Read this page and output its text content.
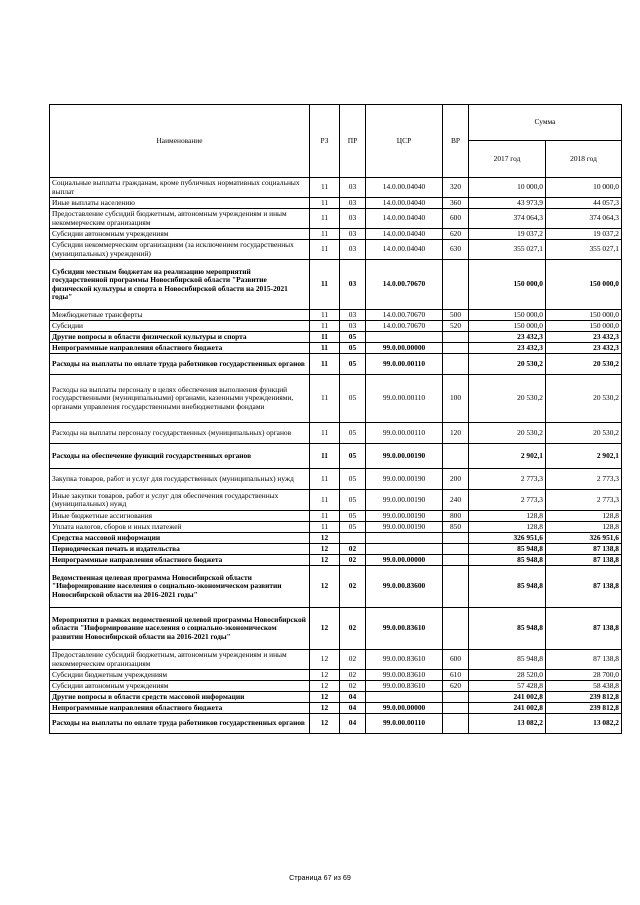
Наименование	РЗ	ПР	ЦСР	ВР	Сумма	
					2017 год	2018 год
Социальные выплаты гражданам, кроме публичных нормативных социальных выплат	11	03	14.0.00.04040	320	10 000,0	10 000,0
Иные выплаты населению	11	03	14.0.00.04040	360	43 973,9	44 057,3
Предоставление субсидий бюджетным, автономным учреждениям и иным некоммерческим организациям	11	03	14.0.00.04040	600	374 064,3	374 064,3
Субсидии автономным учреждениям	11	03	14.0.00.04040	620	19 037,2	19 037,2
Субсидии некоммерческим организациям (за исключением государственных (муниципальных) учреждений)	11	03	14.0.00.04040	630	355 027,1	355 027,1
Субсидии местным бюджетам на реализацию мероприятий государственной программы Новосибирской области "Развитие физической культуры и спорта в Новосибирской области на 2015-2021 годы"	11	03	14.0.00.70670		150 000,0	150 000,0
Межбюджетные трансферты	11	03	14.0.00.70670	500	150 000,0	150 000,0
Субсидии	11	03	14.0.00.70670	520	150 000,0	150 000,0
Другие вопросы в области физической культуры и спорта	11	05			23 432,3	23 432,3
Непрограммные направления областного бюджета	11	05	99.0.00.00000		23 432,3	23 432,3
Расходы на выплаты по оплате труда работников государственных органов	11	05	99.0.00.00110		20 530,2	20 530,2
Расходы на выплаты персоналу в целях обеспечения выполнения функций государственными (муниципальными) органами, казенными учреждениями, органами управления государственными внебюджетными фондами	11	05	99.0.00.00110	100	20 530,2	20 530,2
Расходы на выплаты персоналу государственных (муниципальных) органов	11	05	99.0.00.00110	120	20 530,2	20 530,2
Расходы на обеспечение функций государственных органов	11	05	99.0.00.00190		2 902,1	2 902,1
Закупка товаров, работ и услуг для государственных (муниципальных) нужд	11	05	99.0.00.00190	200	2 773,3	2 773,3
Иные закупки товаров, работ и услуг для обеспечения государственных (муниципальных) нужд	11	05	99.0.00.00190	240	2 773,3	2 773,3
Иные бюджетные ассигнования	11	05	99.0.00.00190	800	128,8	128,8
Уплата налогов, сборов и иных платежей	11	05	99.0.00.00190	850	128,8	128,8
Средства массовой информации	12				326 951,6	326 951,6
Периодическая печать и издательства	12	02			85 948,8	87 138,8
Непрограммные направления областного бюджета	12	02	99.0.00.00000		85 948,8	87 138,8
Ведомственная целевая программа Новосибирской области "Информирование населения о социально-экономическом развитии Новосибирской области на 2016-2021 годы"	12	02	99.0.00.83600		85 948,8	87 138,8
Мероприятия в рамках ведомственной целевой программы Новосибирской области "Информирование населения о социально-экономическом развитии Новосибирской области на 2016-2021 годы"	12	02	99.0.00.83610		85 948,8	87 138,8
Предоставление субсидий бюджетным, автономным учреждениям и иным некоммерческим организациям	12	02	99.0.00.83610	600	85 948,8	87 138,8
Субсидии бюджетным учреждениям	12	02	99.0.00.83610	610	28 520,0	28 700,0
Субсидии автономным учреждениям	12	02	99.0.00.83610	620	57 428,8	58 438,8
Другие вопросы в области средств массовой информации	12	04			241 002,8	239 812,8
Непрограммные направления областного бюджета	12	04	99.0.00.00000		241 002,8	239 812,8
Расходы на выплаты по оплате труда работников государственных органов	12	04	99.0.00.00110		13 082,2	13 082,2
Страница 67 из 69
